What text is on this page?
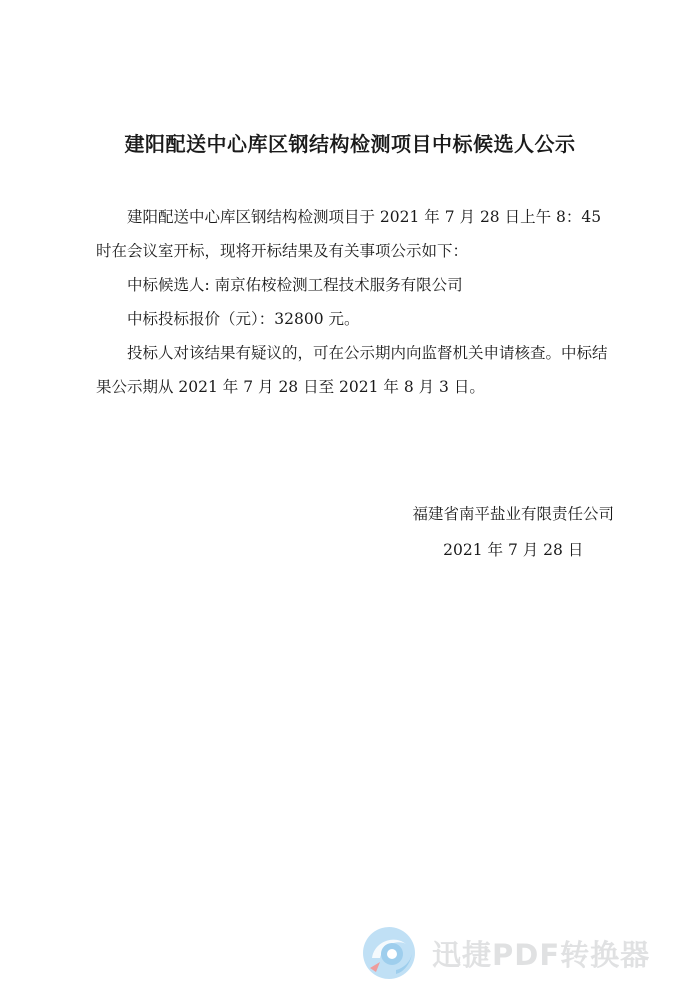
建阳配送中心库区钢结构检测项目中标候选人公示

建阳配送中心库区钢结构检测项目于 2021 年 7 月 28 日上午 8：45 时在会议室开标，现将开标结果及有关事项公示如下：

中标候选人: 南京佑桉检测工程技术服务有限公司

中标投标报价（元）：32800 元。

投标人对该结果有疑议的，可在公示期内向监督机关申请核查。中标结果公示期从 2021 年 7 月 28 日至 2021 年 8 月 3 日。

福建省南平盐业有限责任公司
2021 年 7 月 28 日
迅捷PDF转换器
